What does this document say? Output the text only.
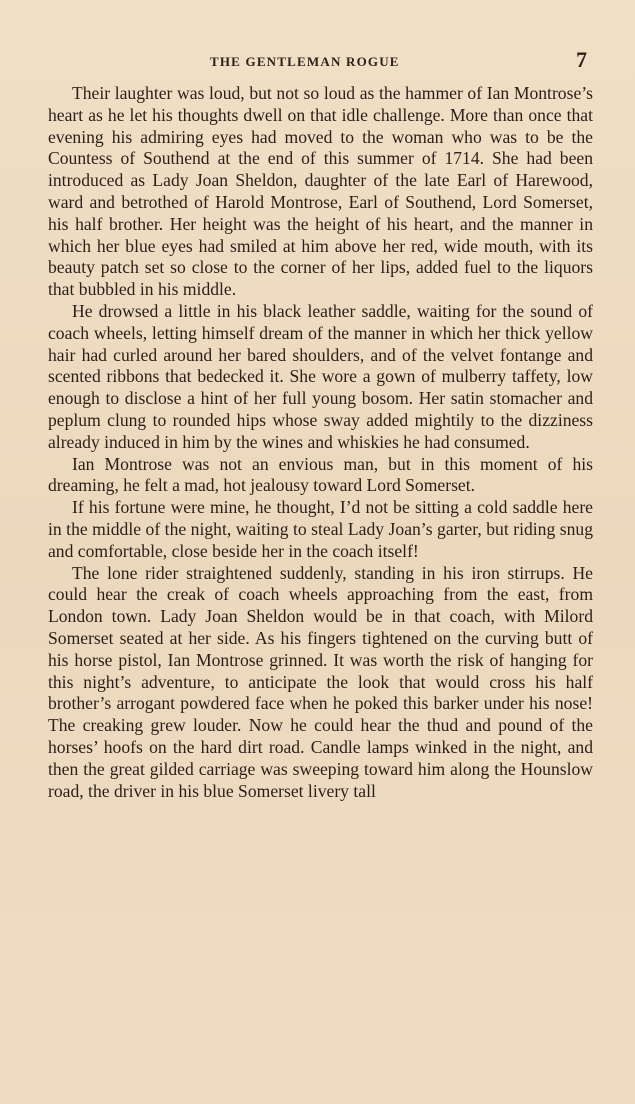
THE GENTLEMAN ROGUE	7

Their laughter was loud, but not so loud as the hammer of Ian Montrose’s heart as he let his thoughts dwell on that idle challenge. More than once that evening his admiring eyes had moved to the woman who was to be the Countess of Southend at the end of this summer of 1714. She had been introduced as Lady Joan Sheldon, daughter of the late Earl of Harewood, ward and betrothed of Harold Montrose, Earl of Southend, Lord Somerset, his half brother. Her height was the height of his heart, and the manner in which her blue eyes had smiled at him above her red, wide mouth, with its beauty patch set so close to the corner of her lips, added fuel to the liquors that bubbled in his middle.

He drowsed a little in his black leather saddle, waiting for the sound of coach wheels, letting himself dream of the manner in which her thick yellow hair had curled around her bared shoulders, and of the velvet fontange and scented ribbons that bedecked it. She wore a gown of mulberry taffety, low enough to disclose a hint of her full young bosom. Her satin stomacher and peplum clung to rounded hips whose sway added mightily to the dizziness already induced in him by the wines and whiskies he had consumed.

Ian Montrose was not an envious man, but in this moment of his dreaming, he felt a mad, hot jealousy toward Lord Somerset.

If his fortune were mine, he thought, I’d not be sitting a cold saddle here in the middle of the night, waiting to steal Lady Joan’s garter, but riding snug and comfortable, close beside her in the coach itself!

The lone rider straightened suddenly, standing in his iron stirrups. He could hear the creak of coach wheels approaching from the east, from London town. Lady Joan Sheldon would be in that coach, with Milord Somerset seated at her side. As his fingers tightened on the curving butt of his horse pistol, Ian Montrose grinned. It was worth the risk of hanging for this night’s adventure, to anticipate the look that would cross his half brother’s arrogant powdered face when he poked this barker under his nose! The creaking grew louder. Now he could hear the thud and pound of the horses’ hoofs on the hard dirt road. Candle lamps winked in the night, and then the great gilded carriage was sweeping toward him along the Hounslow road, the driver in his blue Somerset livery tall
